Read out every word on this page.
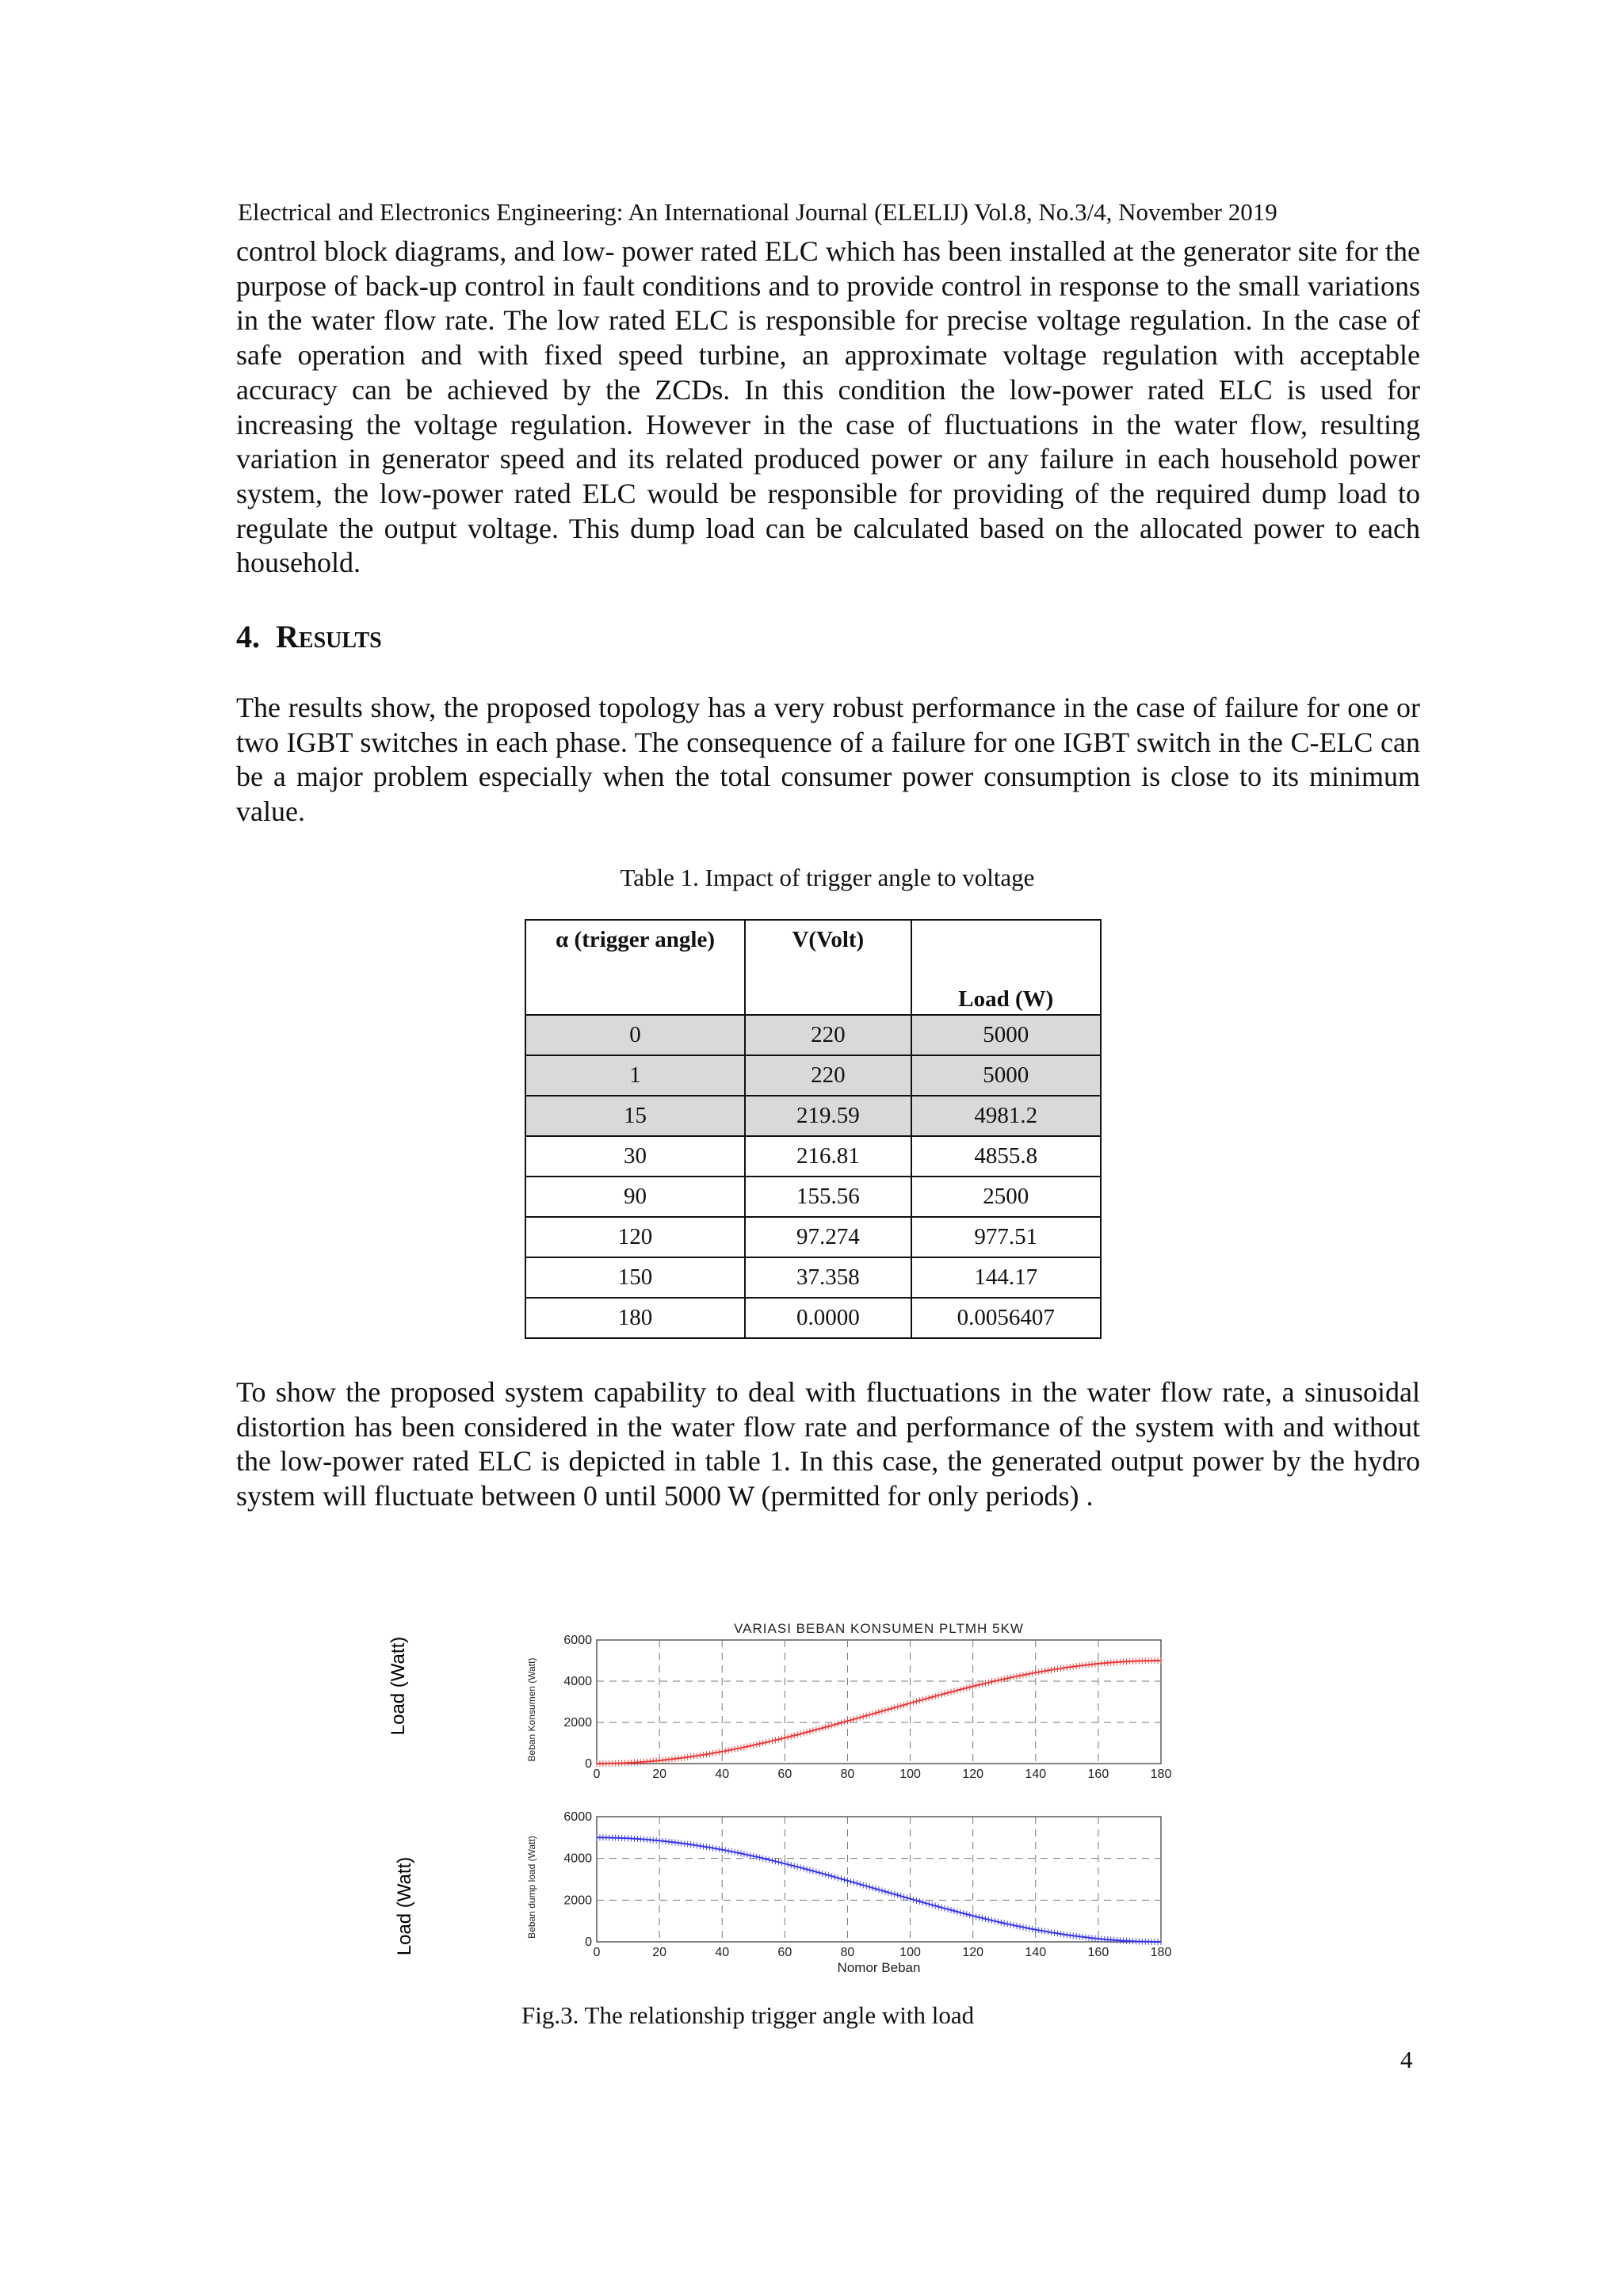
Electrical and Electronics Engineering: An International Journal (ELELIJ) Vol.8, No.3/4, November 2019

control block diagrams, and low- power rated ELC which has been installed at the generator site for the purpose of back-up control in fault conditions and to provide control in response to the small variations in the water flow rate. The low rated ELC is responsible for precise voltage regulation. In the case of safe operation and with fixed speed turbine, an approximate voltage regulation with acceptable accuracy can be achieved by the ZCDs. In this condition the low-power rated ELC is used for increasing the voltage regulation. However in the case of fluctuations in the water flow, resulting variation in generator speed and its related produced power or any failure in each household power system, the low-power rated ELC would be responsible for providing of the required dump load to regulate the output voltage. This dump load can be calculated based on the allocated power to each household.

4. Results

The results show, the proposed topology has a very robust performance in the case of failure for one or two IGBT switches in each phase. The consequence of a failure for one IGBT switch in the C-ELC can be a major problem especially when the total consumer power consumption is close to its minimum value.

Table 1. Impact of trigger angle to voltage
α (trigger angle)	V(Volt)	Load (W)
0	220	5000
1	220	5000
15	219.59	4981.2
30	216.81	4855.8
90	155.56	2500
120	97.274	977.51
150	37.358	144.17
180	0.0000	0.0056407

To show the proposed system capability to deal with fluctuations in the water flow rate, a sinusoidal distortion has been considered in the water flow rate and performance of the system with and without the low-power rated ELC is depicted in table 1. In this case, the generated output power by the hydro system will fluctuate between 0 until 5000 W (permitted for only periods) .

Load (Watt)
Load (Watt)
0	20	40	60	80	100	120	140	160	180
0
2000
4000
6000
Beban Konsumen (Watt)
VARIASI BEBAN KONSUMEN PLTMH 5KW
0	20	40	60	80	100	120	140	160	180
0
2000
4000
6000
Beban dump load (Watt)
Nomor Beban
Fig.3. The relationship trigger angle with load
4
